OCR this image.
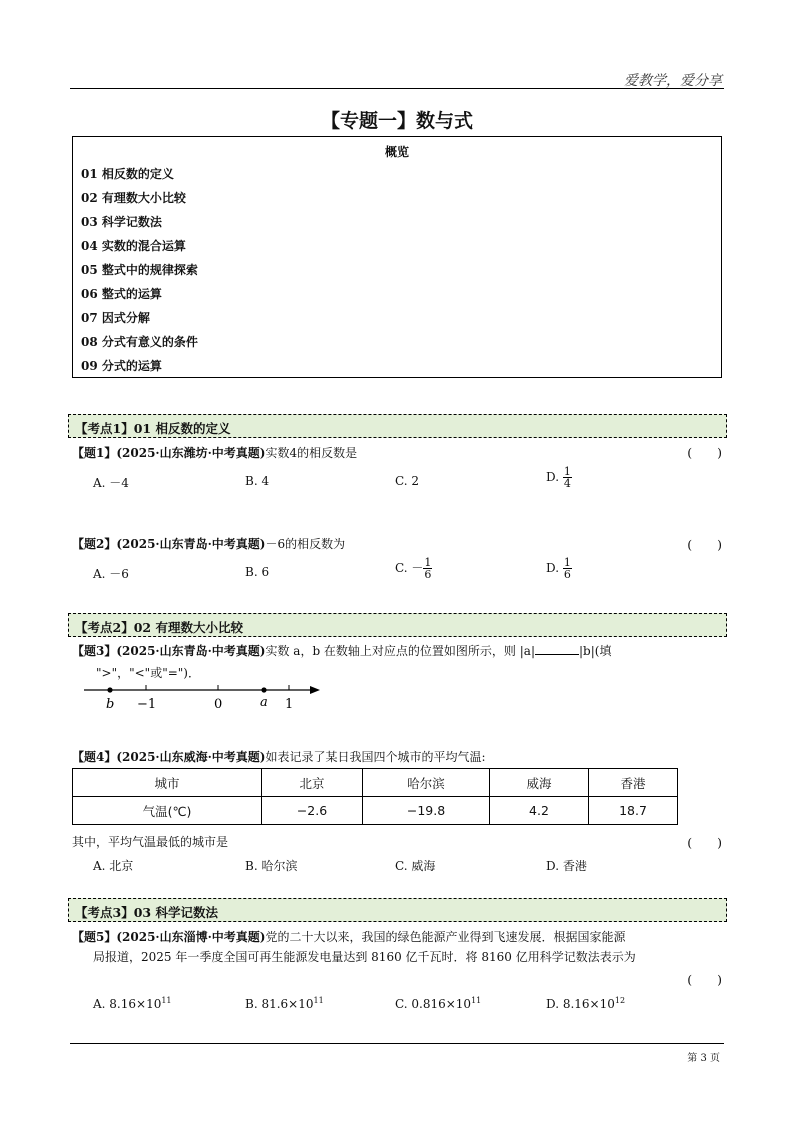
爱教学，爱分享
【专题一】数与式
概览
01 相反数的定义
02 有理数大小比较
03 科学记数法
04 实数的混合运算
05 整式中的规律探索
06 整式的运算
07 因式分解
08 分式有意义的条件
09 分式的运算
【考点1】01 相反数的定义
【题1】(2025·山东潍坊·中考真题)实数4的相反数是	(　　)
A. －4	B. 4	C. 2	D. $\frac{1}{4}$
【题2】(2025·山东青岛·中考真题)－6的相反数为	(　　)
A. －6	B. 6	C. － $\frac{1}{6}$	D. $\frac{1}{6}$
【考点2】02 有理数大小比较
【题3】(2025·山东青岛·中考真题)实数 a，b 在数轴上对应点的位置如图所示，则 |a|	|b|(填
">"，"<"或"=")．
b −1	0	a 1
【题4】(2025·山东威海·中考真题)如表记录了某日我国四个城市的平均气温:
城市	北京	哈尔滨	威海	香港
气温(℃)	−2.6	−19.8	4.2	18.7
其中，平均气温最低的城市是	(　　)
A. 北京	B. 哈尔滨	C. 威海	D. 香港
【考点3】03 科学记数法
【题5】(2025·山东淄博·中考真题)党的二十大以来，我国的绿色能源产业得到飞速发展．根据国家能源
局报道，2025 年一季度全国可再生能源发电量达到 8160 亿千瓦时．将 8160 亿用科学记数法表示为
(　　)
A. $8.16\times 10^{11}$	B. $81.6\times 10^{11}$	C. $0.816\times 10^{11}$	D. $8.16\times 10^{12}$
第 3 页
